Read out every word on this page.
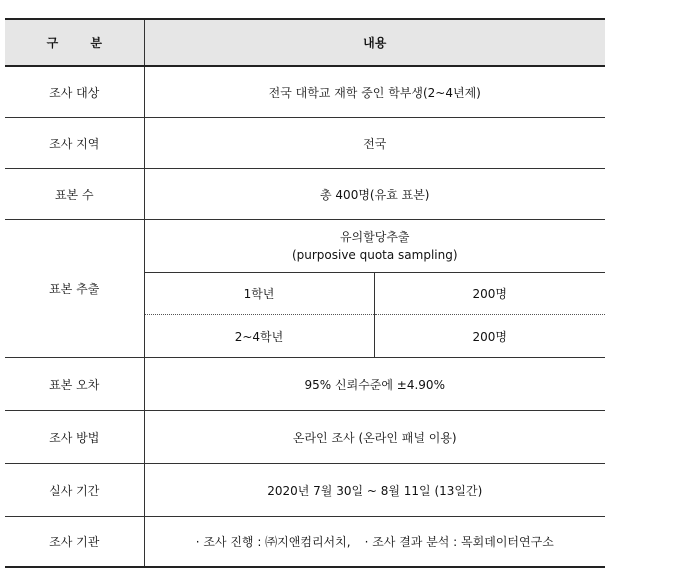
구 분	내용	
조사 대상	전국 대학교 재학 중인 학부생(2~4년제)	
조사 지역	전국	
표본 수	총 400명(유효 표본)	
표본 추출	유의할당추출
(purposive quota sampling)	

	1학년	200명
	2~4학년	200명
표본 오차	95% 신뢰수준에 ±4.90%	
조사 방법	온라인 조사 (온라인 패널 이용)	
실사 기간	2020년 7월 30일 ~ 8월 11일 (13일간)	
조사 기관	· 조사 진행 : ㈜지앤컴리서치, · 조사 결과 분석 : 목회데이터연구소	
